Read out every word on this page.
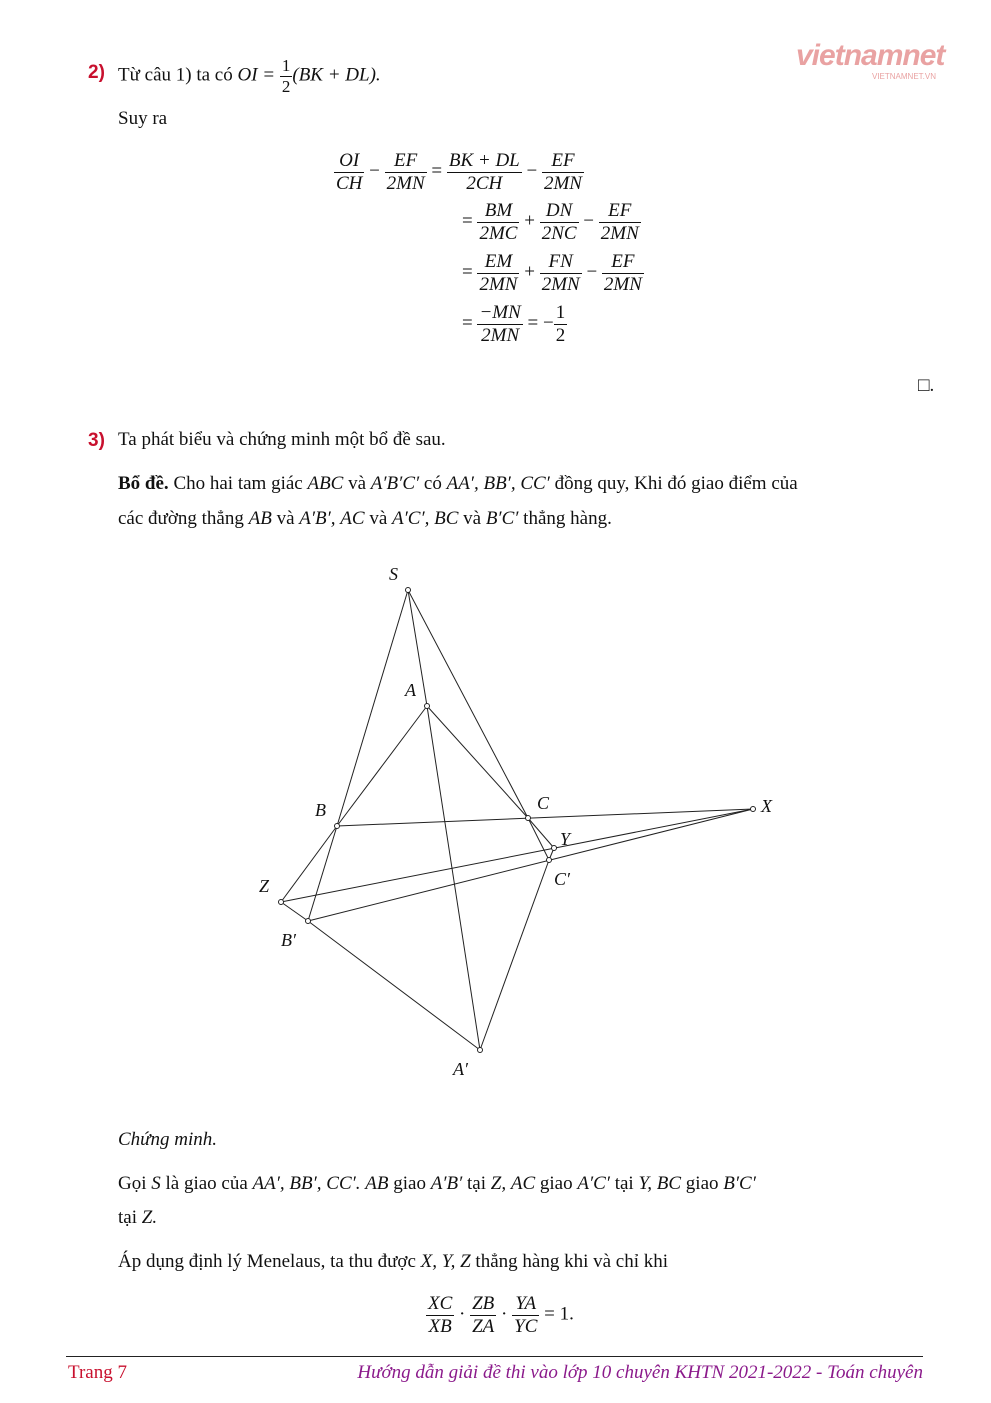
vietnamnet
VIETNAMNET.VN
2) Từ câu 1) ta có OI = $\frac{1}{2} (BK + DL)$.
Suy ra
$\frac{OI}{CH} - \frac{EF}{2MN} = \frac{BK + DL}{2CH} - \frac{EF}{2MN}$
= $\frac{BM}{2MC} + \frac{DN}{2NC} - \frac{EF}{2MN}$
= $\frac{EM}{2MN} + \frac{FN}{2MN} - \frac{EF}{2MN}$
= $\frac{-MN}{2MN}$ = − $\frac{1}{2}$
□.
3) Ta phát biểu và chứng minh một bổ đề sau.
Bổ đề. Cho hai tam giác ABC và A′B′C′ có AA′, BB′, CC′ đồng quy, Khi đó giao điểm của
các đường thẳng AB và A′B′, AC và A′C′, BC và B′C′ thẳng hàng.
S
A
B	C	X
Y
C′
Z
B′
A′
Chứng minh.
Gọi S là giao của AA′, BB′, CC′. AB giao A′B′ tại Z, AC giao A′C′ tại Y, BC giao B′C′
tại Z.
Áp dụng định lý Menelaus, ta thu được X, Y, Z thẳng hàng khi và chỉ khi
$\frac{XC}{XB} \cdot \frac{ZB}{ZA} \cdot \frac{YA}{YC} = 1$.
Trang 7	Hướng dẫn giải đề thi vào lớp 10 chuyên KHTN 2021-2022 - Toán chuyên
